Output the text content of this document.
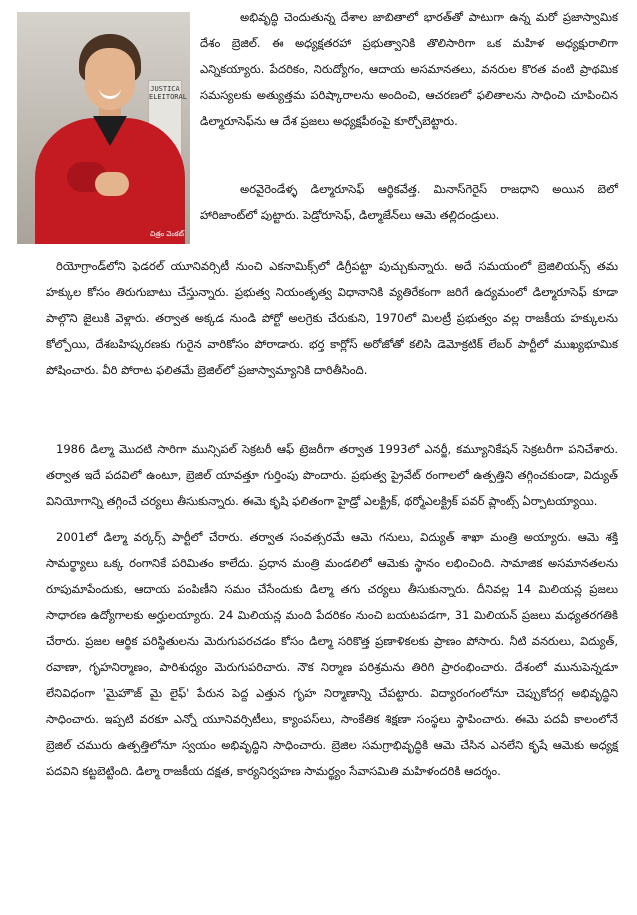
JUSTICA ELEITORAL
చిత్రం వెంకట్

అభివృద్ధి చెందుతున్న దేశాల జాబితాలో భారత్‌తో పాటుగా ఉన్న మరో ప్రజాస్వామిక దేశం బ్రెజిల్. ఈ అధ్యక్షతరహా ప్రభుత్వానికి తొలిసారిగా ఒక మహిళ అధ్యక్షురాలిగా ఎన్నికయ్యారు. పేదరికం, నిరుద్యోగం, ఆదాయ అసమానతలు, వనరుల కొరత వంటి ప్రాథమిక సమస్యలకు అత్యుత్తమ పరిష్కారాలను అందించి, ఆచరణలో ఫలితాలను సాధించి చూపించిన డిల్మారూసెఫ్‌ను ఆ దేశ ప్రజలు అధ్యక్షపీఠంపై కూర్చోబెట్టారు.

అరవైరెండేళ్ళ డిల్మారూసెఫ్ ఆర్థికవేత్త. మినాస్‌గెరైస్ రాజధాని అయిన బెలో హారిజాంట్‌లో పుట్టారు. పెడ్రోరూసెఫ్, డిల్మాజేన్‌లు ఆమె తల్లిదండ్రులు.

రియోగ్రాండ్‌లోని ఫెడరల్ యూనివర్సిటీ నుంచి ఎకనామిక్స్‌లో డిగ్రీపట్టా పుచ్చుకున్నారు. అదే సమయంలో బ్రెజిలియన్స్ తమ హక్కుల కోసం తిరుగుబాటు చేస్తున్నారు. ప్రభుత్వ నియంతృత్వ విధానానికి వ్యతిరేకంగా జరిగే ఉద్యమంలో డిల్మారూసెఫ్ కూడా పాల్గొని జైలుకి వెళ్లారు. తర్వాత అక్కడ నుండి పోర్టో అలగ్రెకు చేరుకుని, 1970లో మిలట్రీ ప్రభుత్వం వల్ల రాజకీయ హక్కులను కోల్పోయి, దేశబహిష్కరణకు గురైన వారికోసం పోరాడారు. భర్త కార్లోస్ అరోజోతో కలిసి డెమోక్రటిక్ లేబర్ పార్టీలో ముఖ్యభూమిక పోషించారు. వీరి పోరాట ఫలితమే బ్రెజిల్‌లో ప్రజాస్వామ్యానికి దారితీసింది.

1986 డిల్మా మొదటి సారిగా మున్సిపల్ సెక్రటరీ ఆఫ్ ట్రెజరీగా తర్వాత 1993లో ఎనర్జీ, కమ్యూనికేషన్ సెక్రటరీగా పనిచేశారు. తర్వాత ఇదే పదవిలో ఉంటూ, బ్రెజిల్ యావత్తూ గుర్తింపు పొందారు. ప్రభుత్వ ప్రైవేట్ రంగాలలో ఉత్పత్తిని తగ్గించకుండా, విద్యుత్ వినియోగాన్ని తగ్గించే చర్యలు తీసుకున్నారు. ఈమె కృషి ఫలితంగా హైడ్రో ఎలక్ట్రిక్, థర్మోఎలక్ట్రిక్ పవర్ ప్లాంట్స్ ఏర్పాటయ్యాయి.

2001లో డిల్మా వర్కర్స్ పార్టీలో చేరారు. తర్వాత సంవత్సరమే ఆమె గనులు, విద్యుత్ శాఖా మంత్రి అయ్యారు. ఆమె శక్తి సామర్థ్యాలు ఒక్క రంగానికే పరిమితం కాలేదు. ప్రధాన మంత్రి మండలిలో ఆమెకు స్థానం లభించింది. సామాజిక అసమానతలను రూపుమాపేందుకు, ఆదాయ పంపిణీని సమం చేసేందుకు డిల్మా తగు చర్యలు తీసుకున్నారు. దీనివల్ల 14 మిలియన్ల ప్రజలు సాధారణ ఉద్యోగాలకు అర్హులయ్యారు. 24 మిలియన్ల మంది పేదరికం నుంచి బయటపడగా, 31 మిలియన్ ప్రజలు మధ్యతరగతికి చేరారు. ప్రజల ఆర్థిక పరిస్థితులను మెరుగుపరచడం కోసం డిల్మా సరికొత్త ప్రణాళికలకు ప్రాణం పోసారు. నీటి వనరులు, విద్యుత్, రవాణా, గృహనిర్మాణం, పారిశుధ్యం మెరుగుపరిచారు. నౌక నిర్మాణ పరిశ్రమను తిరిగి ప్రారంభించారు. దేశంలో మునుపెన్నడూ లేనివిధంగా 'మైహౌజ్ మై లైఫ్' పేరున పెద్ద ఎత్తున గృహ నిర్మాణాన్ని చేపట్టారు. విద్యారంగంలోనూ చెప్పుకోదగ్గ అభివృద్ధిని సాధించారు. ఇప్పటి వరకూ ఎన్నో యూనివర్సిటీలు, క్యాంపస్‌లు, సాంకేతిక శిక్షణా సంస్థలు స్థాపించారు. ఈమె పదవీ కాలంలోనే బ్రెజిల్ చమురు ఉత్పత్తిలోనూ స్వయం అభివృద్ధిని సాధించారు. బ్రెజిల సమగ్రాభివృద్ధికి ఆమె చేసిన ఎనలేని కృషే ఆమెకు అధ్యక్ష పదవిని కట్టబెట్టింది. డిల్మా రాజకీయ దక్షత, కార్యనిర్వహణ సామర్థ్యం సేవాసమితి మహిళందరికి ఆదర్శం.
